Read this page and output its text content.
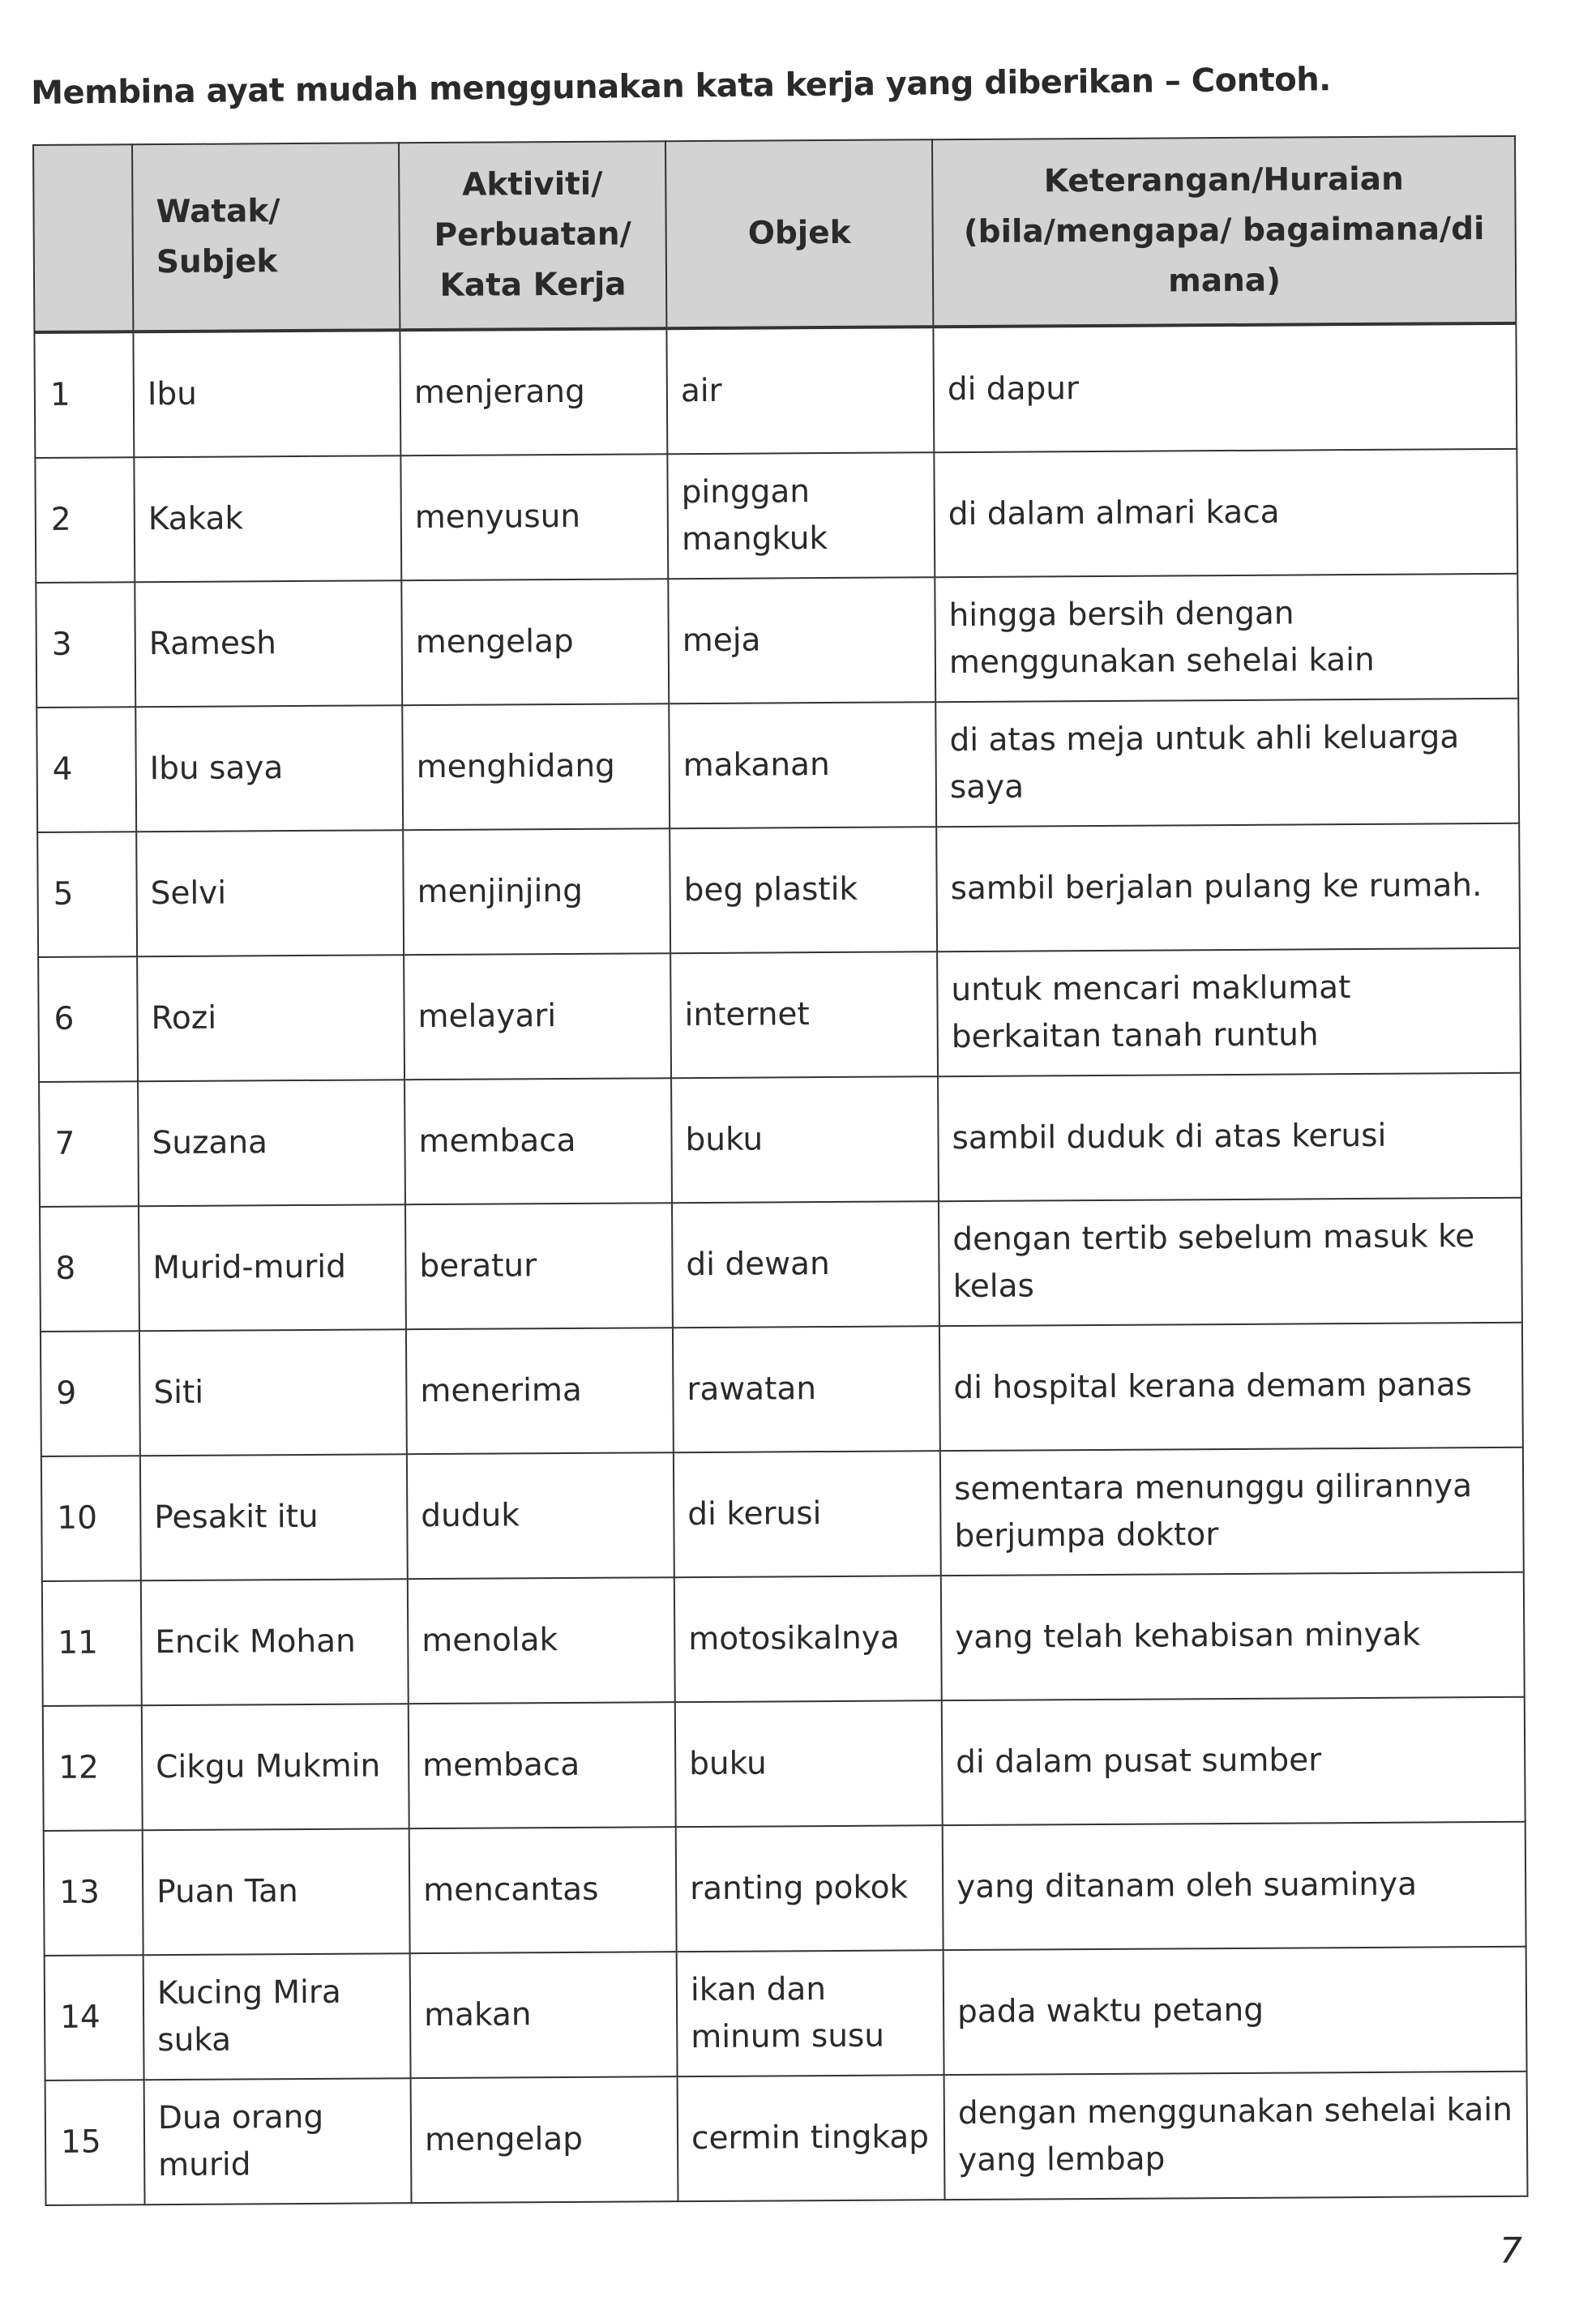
Membina ayat mudah menggunakan kata kerja yang diberikan – Contoh.
	Watak/ Subjek	Aktiviti/ Perbuatan/ Kata Kerja	Objek	Keterangan/Huraian (bila/mengapa/ bagaimana/di mana)
1	Ibu	menjerang	air	di dapur
2	Kakak	menyusun	pinggan mangkuk	di dalam almari kaca
3	Ramesh	mengelap	meja	hingga bersih dengan menggunakan sehelai kain
4	Ibu saya	menghidang	makanan	di atas meja untuk ahli keluarga saya
5	Selvi	menjinjing	beg plastik	sambil berjalan pulang ke rumah.
6	Rozi	melayari	internet	untuk mencari maklumat berkaitan tanah runtuh
7	Suzana	membaca	buku	sambil duduk di atas kerusi
8	Murid-murid	beratur	di dewan	dengan tertib sebelum masuk ke kelas
9	Siti	menerima	rawatan	di hospital kerana demam panas
10	Pesakit itu	duduk	di kerusi	sementara menunggu gilirannya berjumpa doktor
11	Encik Mohan	menolak	motosikalnya	yang telah kehabisan minyak
12	Cikgu Mukmin	membaca	buku	di dalam pusat sumber
13	Puan Tan	mencantas	ranting pokok	yang ditanam oleh suaminya
14	Kucing Mira suka	makan	ikan dan minum susu	pada waktu petang
15	Dua orang murid	mengelap	cermin tingkap	dengan menggunakan sehelai kain yang lembap
7
